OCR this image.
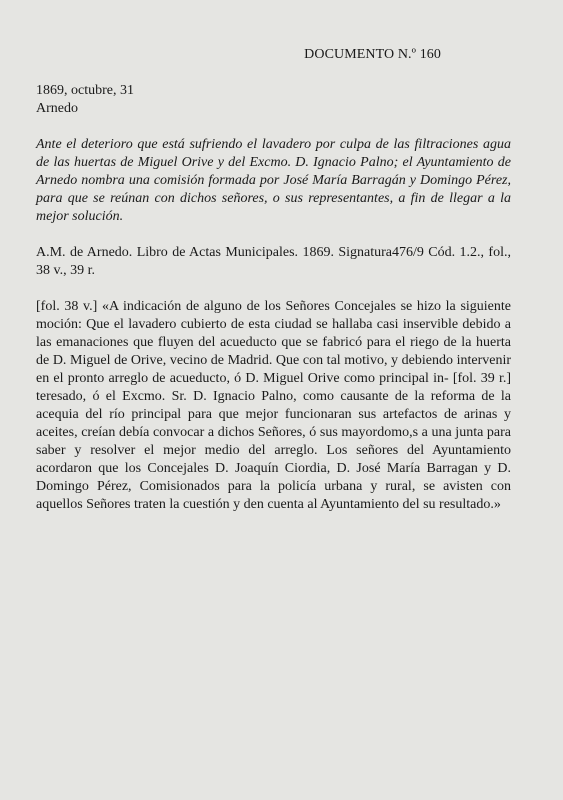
DOCUMENTO N.º 160
1869, octubre, 31
Arnedo

Ante el deterioro que está sufriendo el lavadero por culpa de las filtraciones agua de las huertas de Miguel Orive y del Excmo. D. Ignacio Palno; el Ayuntamiento de Arnedo nombra una comisión formada por José María Barragán y Domingo Pérez, para que se reúnan con dichos señores, o sus representantes, a fin de llegar a la mejor solución.

A.M. de Arnedo. Libro de Actas Municipales. 1869. Signatura476/9 Cód. 1.2., fol., 38 v., 39 r.

[fol. 38 v.] «A indicación de alguno de los Señores Concejales se hizo la siguiente moción: Que el lavadero cubierto de esta ciudad se hallaba casi inservible debido a las emanaciones que fluyen del acueducto que se fabricó para el riego de la huerta de D. Miguel de Orive, vecino de Madrid. Que con tal motivo, y debiendo intervenir en el pronto arreglo de acueducto, ó D. Miguel Orive como principal in- [fol. 39 r.] teresado, ó el Excmo. Sr. D. Ignacio Palno, como causante de la reforma de la acequia del río principal para que mejor funcionaran sus artefactos de arinas y aceites, creían debía convocar a dichos Señores, ó sus mayordomo,s a una junta para saber y resolver el mejor medio del arreglo. Los señores del Ayuntamiento acordaron que los Concejales D. Joaquín Ciordia, D. José María Barragan y D. Domingo Pérez, Comisionados para la policía urbana y rural, se avisten con aquellos Señores traten la cuestión y den cuenta al Ayuntamiento del su resultado.»
